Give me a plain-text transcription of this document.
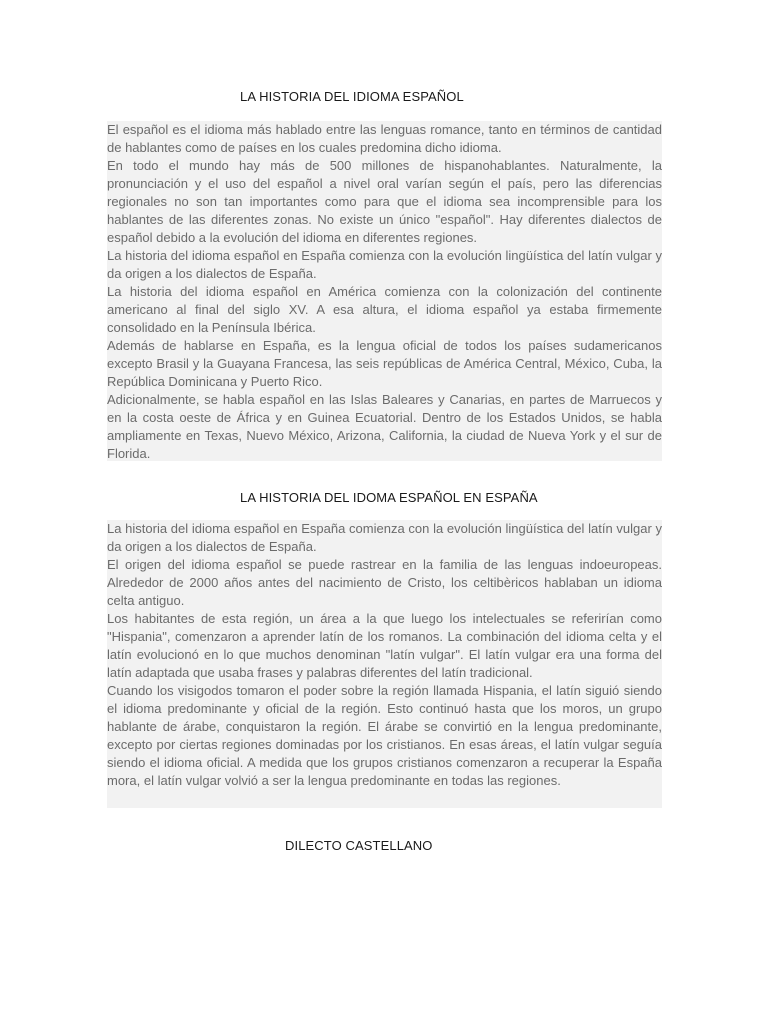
LA HISTORIA DEL IDIOMA ESPAÑOL

El español es el idioma más hablado entre las lenguas romance, tanto en términos de cantidad de hablantes como de países en los cuales predomina dicho idioma.

En todo el mundo hay más de 500 millones de hispanohablantes. Naturalmente, la pronunciación y el uso del español a nivel oral varían según el país, pero las diferencias regionales no son tan importantes como para que el idioma sea incomprensible para los hablantes de las diferentes zonas. No existe un único "español". Hay diferentes dialectos de español debido a la evolución del idioma en diferentes regiones.

La historia del idioma español en España comienza con la evolución lingüística del latín vulgar y da origen a los dialectos de España.

La historia del idioma español en América comienza con la colonización del continente americano al final del siglo XV. A esa altura, el idioma español ya estaba firmemente consolidado en la Península Ibérica.

Además de hablarse en España, es la lengua oficial de todos los países sudamericanos excepto Brasil y la Guayana Francesa, las seis repúblicas de América Central, México, Cuba, la República Dominicana y Puerto Rico.

Adicionalmente, se habla español en las Islas Baleares y Canarias, en partes de Marruecos y en la costa oeste de África y en Guinea Ecuatorial. Dentro de los Estados Unidos, se habla ampliamente en Texas, Nuevo México, Arizona, California, la ciudad de Nueva York y el sur de Florida.

LA HISTORIA DEL IDOMA ESPAÑOL EN ESPAÑA

La historia del idioma español en España comienza con la evolución lingüística del latín vulgar y da origen a los dialectos de España.

El origen del idioma español se puede rastrear en la familia de las lenguas indoeuropeas. Alrededor de 2000 años antes del nacimiento de Cristo, los celtibèricos hablaban un idioma celta antiguo.

Los habitantes de esta región, un área a la que luego los intelectuales se referirían como "Hispania", comenzaron a aprender latín de los romanos. La combinación del idioma celta y el latín evolucionó en lo que muchos denominan "latín vulgar". El latín vulgar era una forma del latín adaptada que usaba frases y palabras diferentes del latín tradicional.

Cuando los visigodos tomaron el poder sobre la región llamada Hispania, el latín siguió siendo el idioma predominante y oficial de la región. Esto continuó hasta que los moros, un grupo hablante de árabe, conquistaron la región. El árabe se convirtió en la lengua predominante, excepto por ciertas regiones dominadas por los cristianos. En esas áreas, el latín vulgar seguía siendo el idioma oficial. A medida que los grupos cristianos comenzaron a recuperar la España mora, el latín vulgar volvió a ser la lengua predominante en todas las regiones.

DILECTO CASTELLANO
